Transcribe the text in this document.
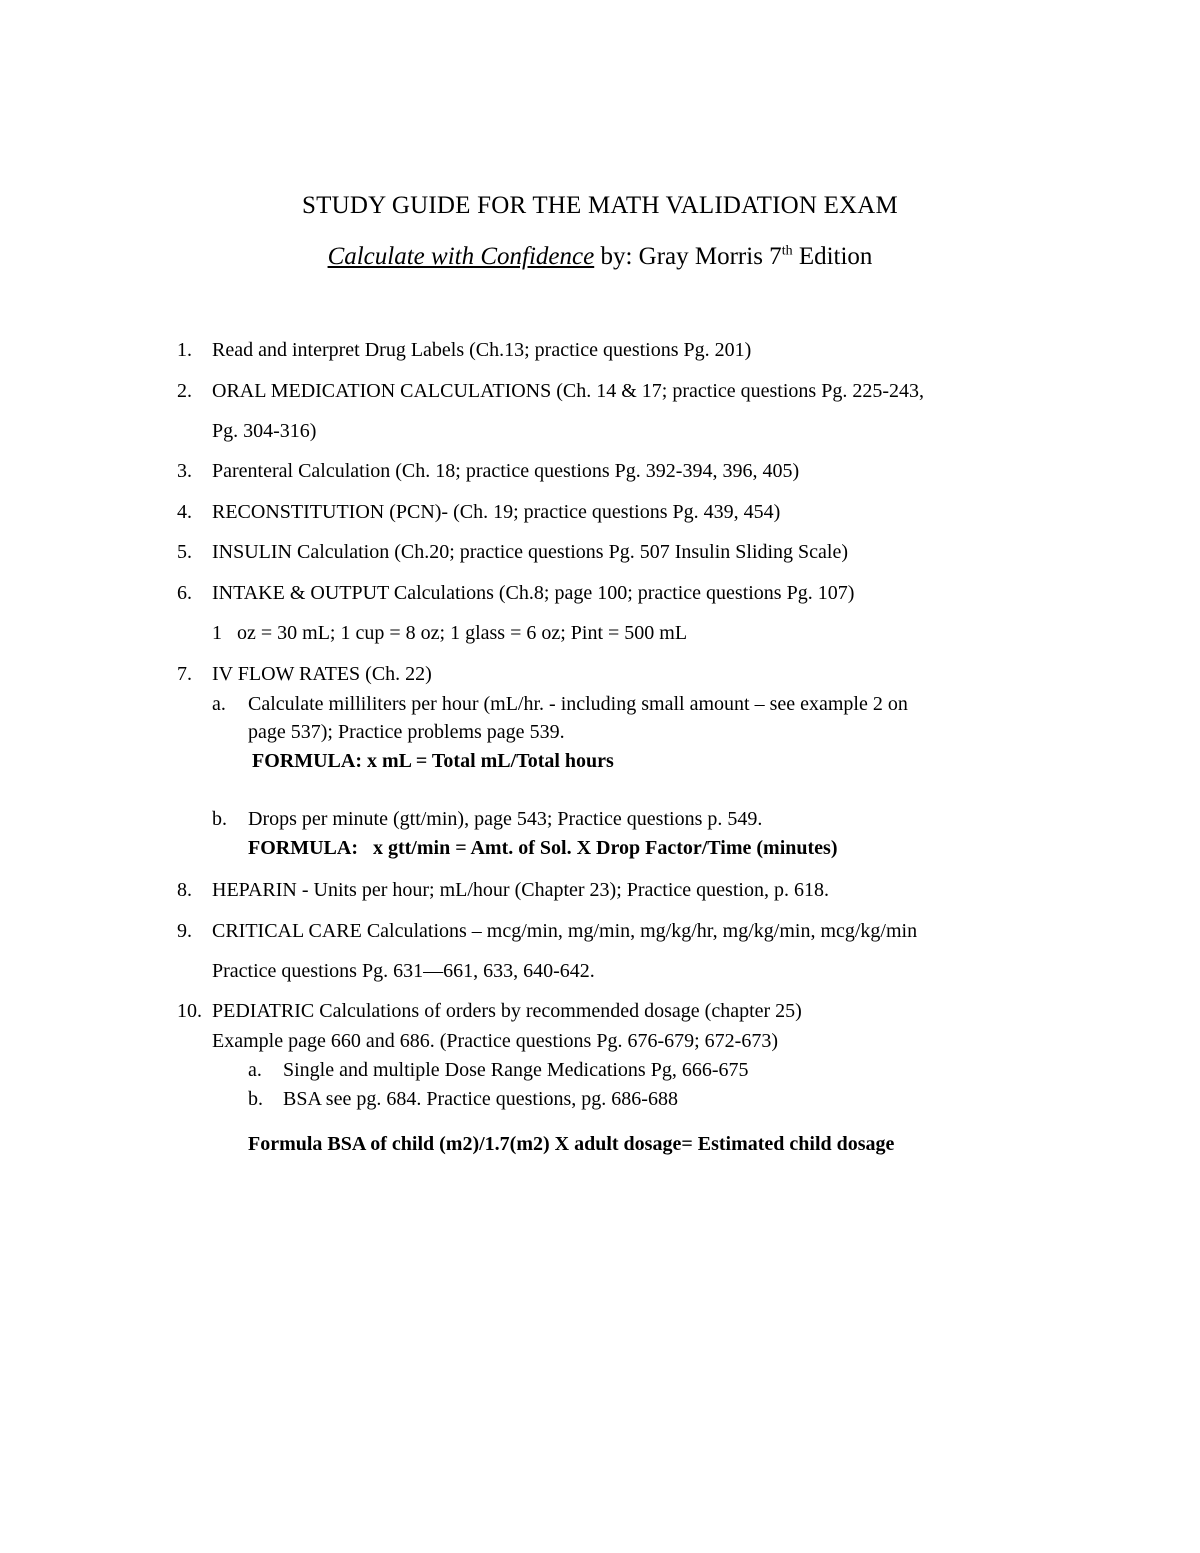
STUDY GUIDE FOR THE MATH VALIDATION EXAM
Calculate with Confidence by: Gray Morris 7th Edition
1. Read and interpret Drug Labels (Ch.13; practice questions Pg. 201)
2. ORAL MEDICATION CALCULATIONS (Ch. 14 & 17; practice questions Pg. 225-243,
Pg. 304-316)
3. Parenteral Calculation (Ch. 18; practice questions Pg. 392-394, 396, 405)
4. RECONSTITUTION (PCN)- (Ch. 19; practice questions Pg. 439, 454)
5. INSULIN Calculation (Ch.20; practice questions Pg. 507 Insulin Sliding Scale)
6. INTAKE & OUTPUT Calculations (Ch.8; page 100; practice questions Pg. 107)
1   oz = 30 mL; 1 cup = 8 oz; 1 glass = 6 oz; Pint = 500 mL
7. IV FLOW RATES (Ch. 22)
a. Calculate milliliters per hour (mL/hr. - including small amount – see example 2 on
page 537); Practice problems page 539.
FORMULA: x mL = Total mL/Total hours
b. Drops per minute (gtt/min), page 543; Practice questions p. 549.
FORMULA:   x gtt/min = Amt. of Sol. X Drop Factor/Time (minutes)
8. HEPARIN - Units per hour; mL/hour (Chapter 23); Practice question, p. 618.
9. CRITICAL CARE Calculations – mcg/min, mg/min, mg/kg/hr, mg/kg/min, mcg/kg/min
Practice questions Pg. 631—661, 633, 640-642.
10. PEDIATRIC Calculations of orders by recommended dosage (chapter 25)
Example page 660 and 686. (Practice questions Pg. 676-679; 672-673)
a. Single and multiple Dose Range Medications Pg, 666-675
b. BSA see pg. 684. Practice questions, pg. 686-688
Formula BSA of child (m2)/1.7(m2) X adult dosage= Estimated child dosage
